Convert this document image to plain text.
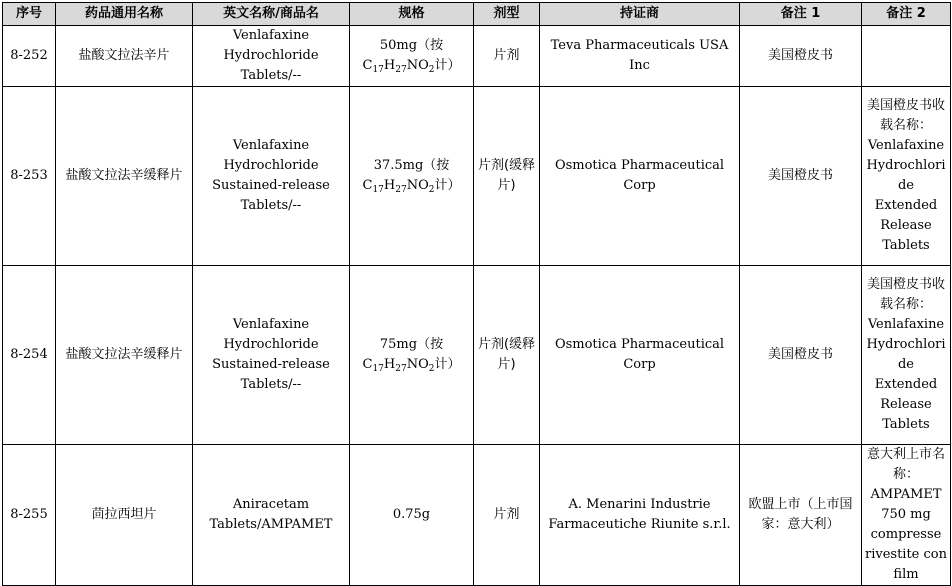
序号	药品通用名称	英文名称/商品名	规格	剂型	持证商	备注 1	备注 2
8-252	盐酸文拉法辛片	Venlafaxine Hydrochloride Tablets/--	50mg（按
$C_{17}H_{27}NO_2$计）	片剂	Teva Pharmaceuticals USA Inc	美国橙皮书	
8-253	盐酸文拉法辛缓释片	Venlafaxine Hydrochloride Sustained-release Tablets/--	37.5mg（按
$C_{17}H_{27}NO_2$计）	片剂(缓释片)	Osmotica Pharmaceutical Corp	美国橙皮书	美国橙皮书收载名称：Venlafaxine Hydrochloride Extended Release Tablets
8-254	盐酸文拉法辛缓释片	Venlafaxine Hydrochloride Sustained-release Tablets/--	75mg（按
$C_{17}H_{27}NO_2$计）	片剂(缓释片)	Osmotica Pharmaceutical Corp	美国橙皮书	美国橙皮书收载名称：Venlafaxine Hydrochloride Extended Release Tablets
8-255	茴拉西坦片	Aniracetam Tablets/AMPAMET	0.75g	片剂	A. Menarini Industrie Farmaceutiche Riunite s.r.l.	欧盟上市（上市国家：意大利）	意大利上市名称：AMPAMET 750 mg compresse rivestite con film
